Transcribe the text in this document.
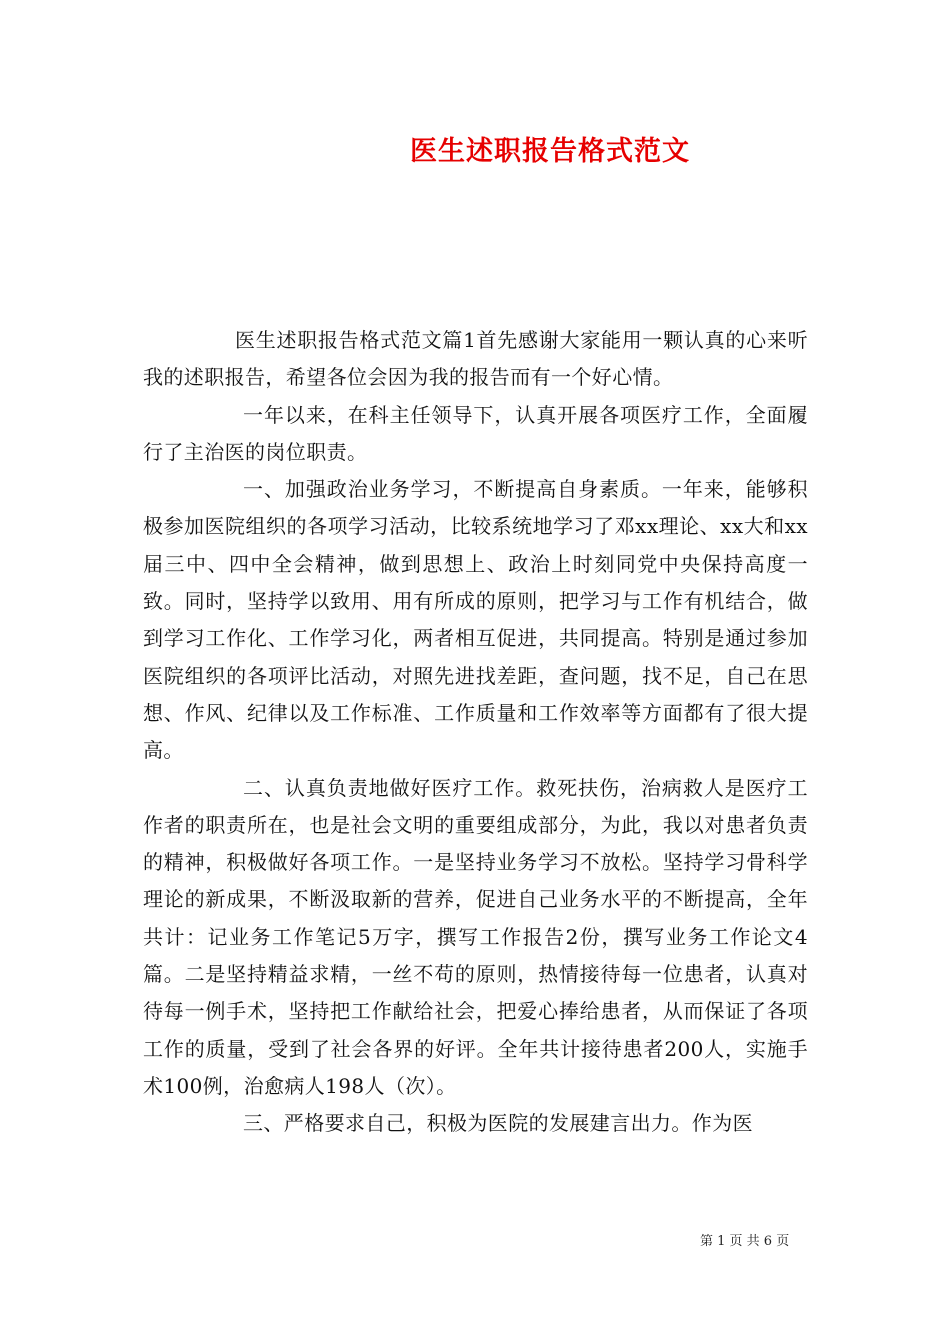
医生述职报告格式范文

医生述职报告格式范文篇1首先感谢大家能用一颗认真的心来听我的述职报告，希望各位会因为我的报告而有一个好心情。

一年以来，在科主任领导下，认真开展各项医疗工作，全面履行了主治医的岗位职责。

一、加强政治业务学习，不断提高自身素质。一年来，能够积极参加医院组织的各项学习活动，比较系统地学习了邓xx理论、xx大和xx届三中、四中全会精神，做到思想上、政治上时刻同党中央保持高度一致。同时，坚持学以致用、用有所成的原则，把学习与工作有机结合，做到学习工作化、工作学习化，两者相互促进，共同提高。特别是通过参加医院组织的各项评比活动，对照先进找差距，查问题，找不足，自己在思想、作风、纪律以及工作标准、工作质量和工作效率等方面都有了很大提高。

二、认真负责地做好医疗工作。救死扶伤，治病救人是医疗工作者的职责所在，也是社会文明的重要组成部分，为此，我以对患者负责的精神，积极做好各项工作。一是坚持业务学习不放松。坚持学习骨科学理论的新成果，不断汲取新的营养，促进自己业务水平的不断提高，全年共计：记业务工作笔记5万字，撰写工作报告2份，撰写业务工作论文4篇。二是坚持精益求精，一丝不苟的原则，热情接待每一位患者，认真对待每一例手术，坚持把工作献给社会，把爱心捧给患者，从而保证了各项工作的质量，受到了社会各界的好评。全年共计接待患者200人，实施手术100例，治愈病人198人（次）。

三、严格要求自己，积极为医院的发展建言出力。作为医

第 1 页 共 6 页
